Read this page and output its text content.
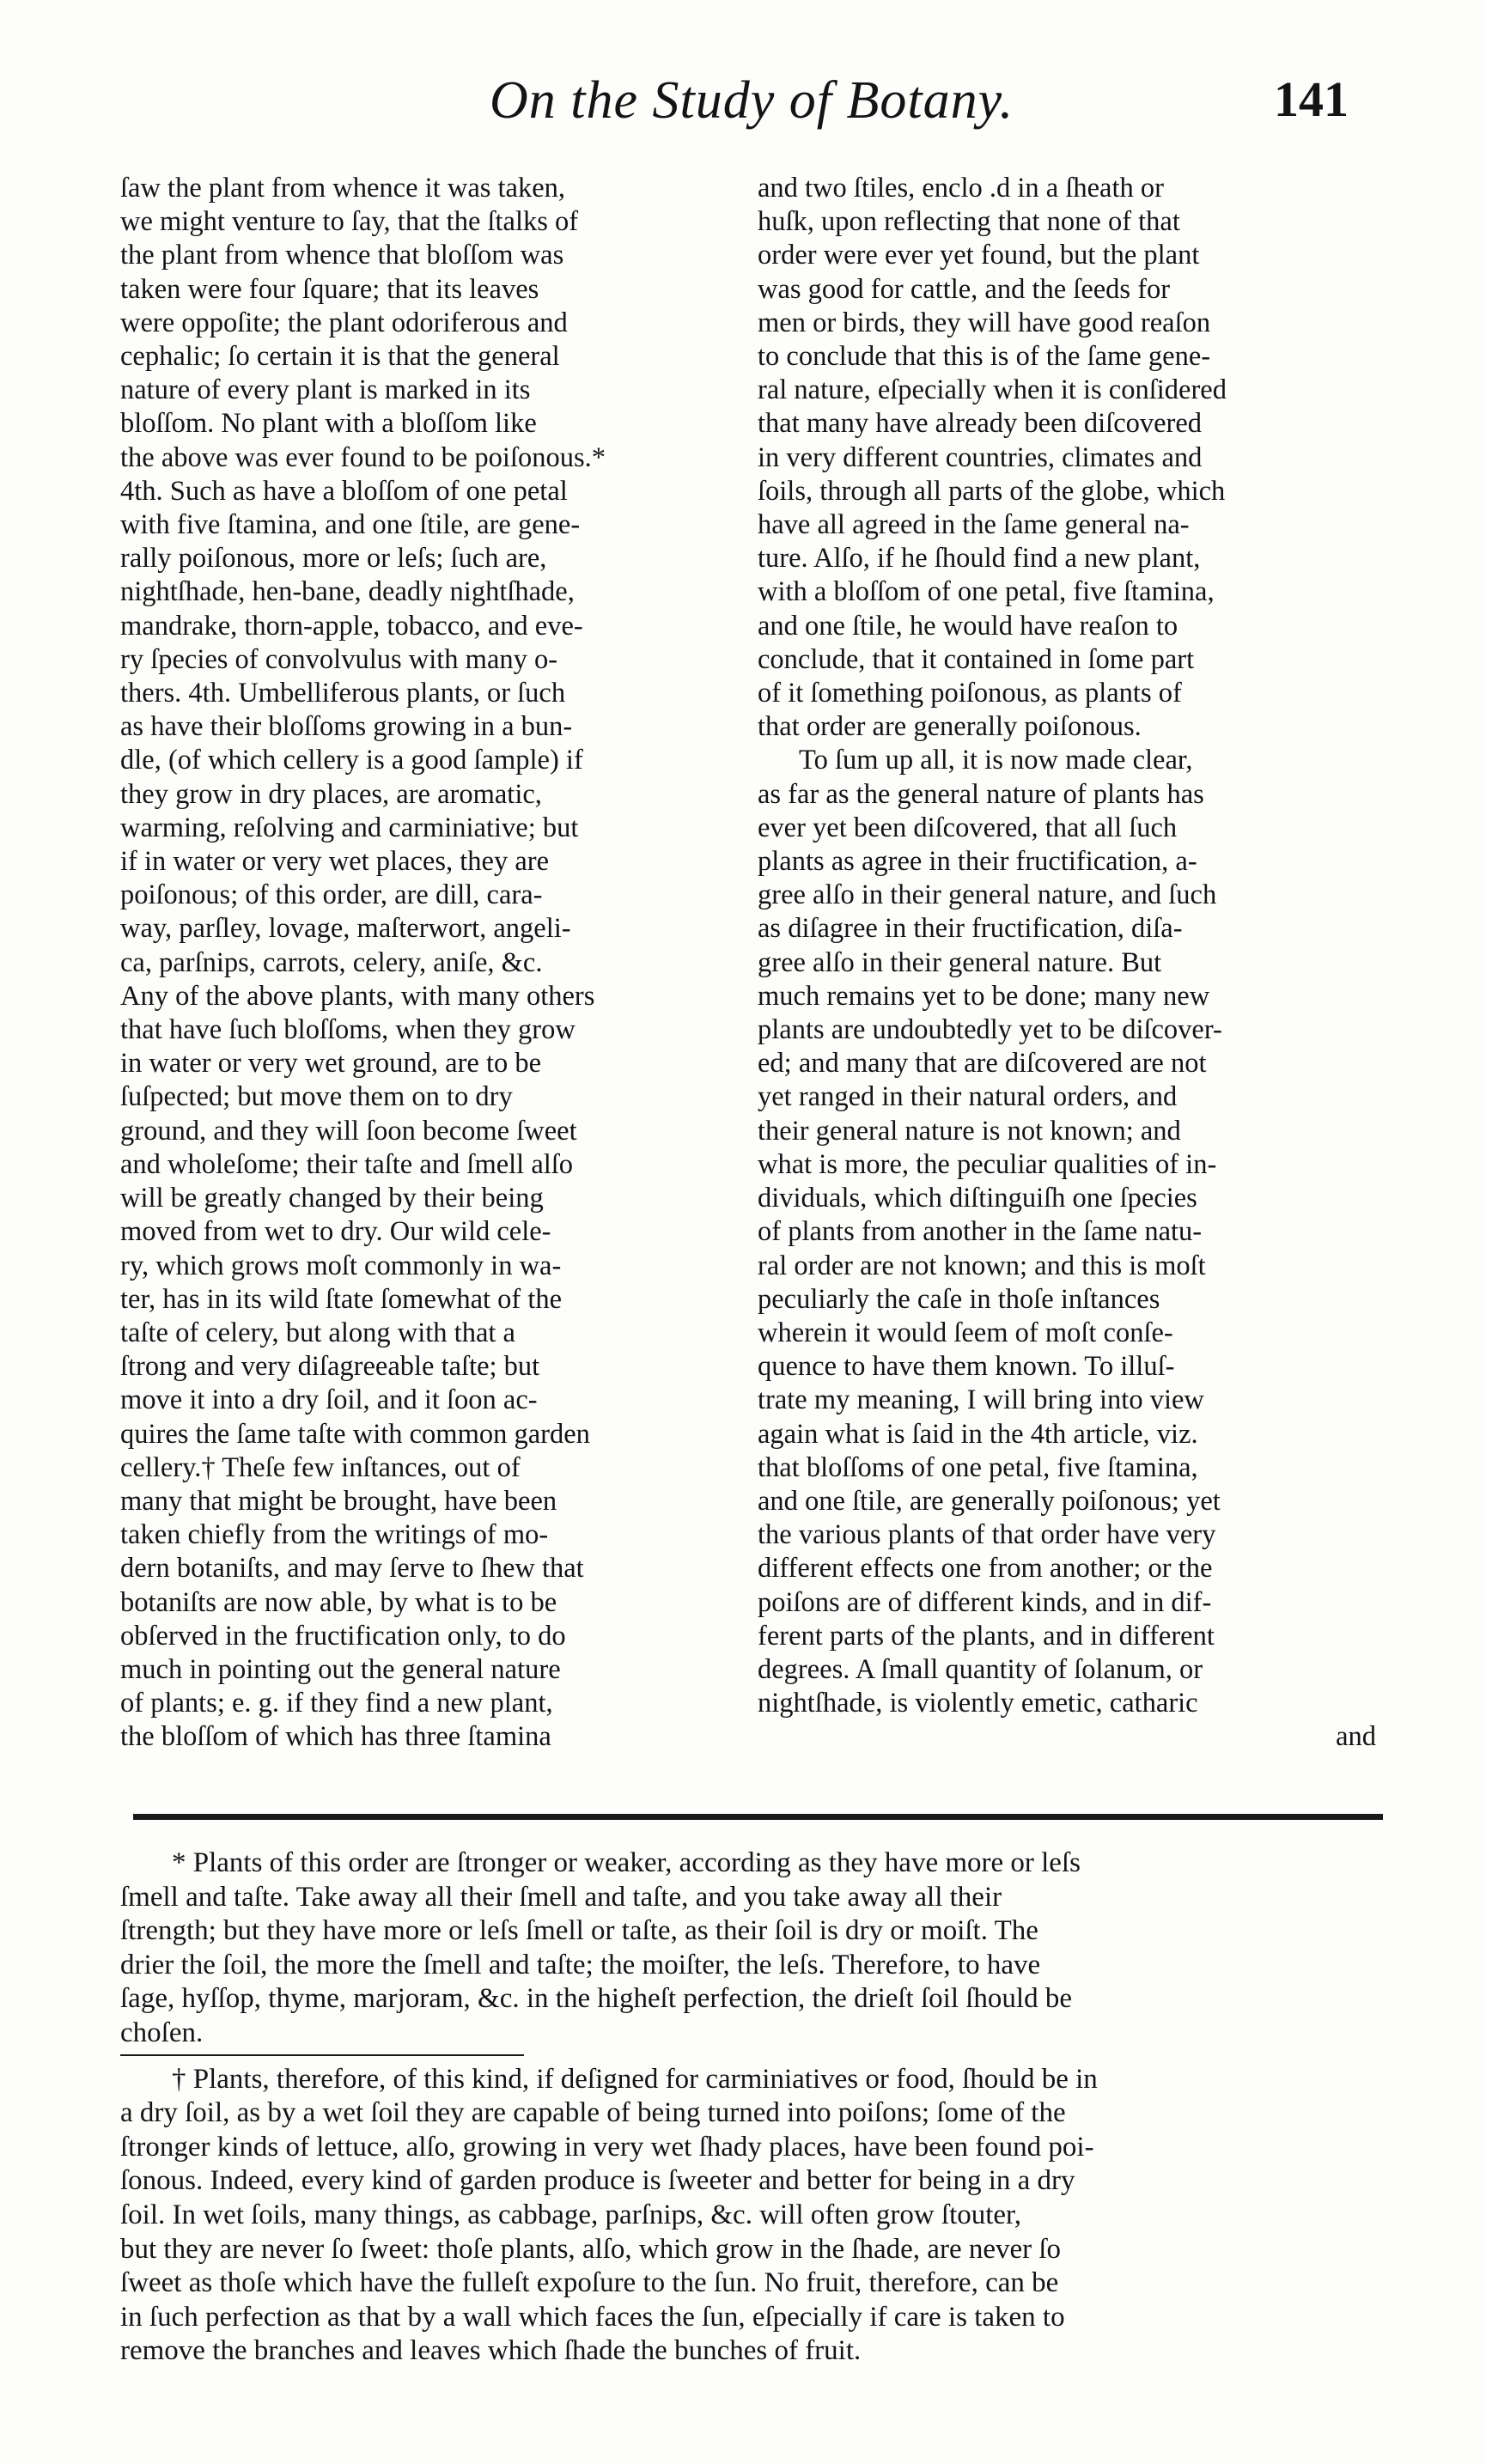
On the Study of Botany.	141
ſaw the plant from whence it was taken,
we might venture to ſay, that the ſtalks of
the plant from whence that bloſſom was
taken were four ſquare; that its leaves
were oppoſite; the plant odoriferous and
cephalic; ſo certain it is that the general
nature of every plant is marked in its
bloſſom. No plant with a bloſſom like
the above was ever found to be poiſonous.*
4th. Such as have a bloſſom of one petal
with five ſtamina, and one ſtile, are gene-
rally poiſonous, more or leſs; ſuch are,
nightſhade, hen-bane, deadly nightſhade,
mandrake, thorn-apple, tobacco, and eve-
ry ſpecies of convolvulus with many o-
thers. 4th. Umbelliferous plants, or ſuch
as have their bloſſoms growing in a bun-
dle, (of which cellery is a good ſample) if
they grow in dry places, are aromatic,
warming, reſolving and carminiative; but
if in water or very wet places, they are
poiſonous; of this order, are dill, cara-
way, parſley, lovage, maſterwort, angeli-
ca, parſnips, carrots, celery, aniſe, &c.
Any of the above plants, with many others
that have ſuch bloſſoms, when they grow
in water or very wet ground, are to be
ſuſpected; but move them on to dry
ground, and they will ſoon become ſweet
and wholeſome; their taſte and ſmell alſo
will be greatly changed by their being
moved from wet to dry. Our wild cele-
ry, which grows moſt commonly in wa-
ter, has in its wild ſtate ſomewhat of the
taſte of celery, but along with that a
ſtrong and very diſagreeable taſte; but
move it into a dry ſoil, and it ſoon ac-
quires the ſame taſte with common garden
cellery.† Theſe few inſtances, out of
many that might be brought, have been
taken chiefly from the writings of mo-
dern botaniſts, and may ſerve to ſhew that
botaniſts are now able, by what is to be
obſerved in the fructification only, to do
much in pointing out the general nature
of plants; e. g. if they find a new plant,
the bloſſom of which has three ſtamina
and two ſtiles, enclo .d in a ſheath or
huſk, upon reflecting that none of that
order were ever yet found, but the plant
was good for cattle, and the ſeeds for
men or birds, they will have good reaſon
to conclude that this is of the ſame gene-
ral nature, eſpecially when it is conſidered
that many have already been diſcovered
in very different countries, climates and
ſoils, through all parts of the globe, which
have all agreed in the ſame general na-
ture. Alſo, if he ſhould find a new plant,
with a bloſſom of one petal, five ſtamina,
and one ſtile, he would have reaſon to
conclude, that it contained in ſome part
of it ſomething poiſonous, as plants of
that order are generally poiſonous.
To ſum up all, it is now made clear,
as far as the general nature of plants has
ever yet been diſcovered, that all ſuch
plants as agree in their fructification, a-
gree alſo in their general nature, and ſuch
as diſagree in their fructification, diſa-
gree alſo in their general nature. But
much remains yet to be done; many new
plants are undoubtedly yet to be diſcover-
ed; and many that are diſcovered are not
yet ranged in their natural orders, and
their general nature is not known; and
what is more, the peculiar qualities of in-
dividuals, which diſtinguiſh one ſpecies
of plants from another in the ſame natu-
ral order are not known; and this is moſt
peculiarly the caſe in thoſe inſtances
wherein it would ſeem of moſt conſe-
quence to have them known. To illuſ-
trate my meaning, I will bring into view
again what is ſaid in the 4th article, viz.
that bloſſoms of one petal, five ſtamina,
and one ſtile, are generally poiſonous; yet
the various plants of that order have very
different effects one from another; or the
poiſons are of different kinds, and in dif-
ferent parts of the plants, and in different
degrees. A ſmall quantity of ſolanum, or
nightſhade, is violently emetic, catharic
and
* Plants of this order are ſtronger or weaker, according as they have more or leſs
ſmell and taſte. Take away all their ſmell and taſte, and you take away all their
ſtrength; but they have more or leſs ſmell or taſte, as their ſoil is dry or moiſt. The
drier the ſoil, the more the ſmell and taſte; the moiſter, the leſs. Therefore, to have
ſage, hyſſop, thyme, marjoram, &c. in the higheſt perfection, the drieſt ſoil ſhould be
choſen.
† Plants, therefore, of this kind, if deſigned for carminiatives or food, ſhould be in
a dry ſoil, as by a wet ſoil they are capable of being turned into poiſons; ſome of the
ſtronger kinds of lettuce, alſo, growing in very wet ſhady places, have been found poi-
ſonous. Indeed, every kind of garden produce is ſweeter and better for being in a dry
ſoil. In wet ſoils, many things, as cabbage, parſnips, &c. will often grow ſtouter,
but they are never ſo ſweet: thoſe plants, alſo, which grow in the ſhade, are never ſo
ſweet as thoſe which have the fulleſt expoſure to the ſun. No fruit, therefore, can be
in ſuch perfection as that by a wall which faces the ſun, eſpecially if care is taken to
remove the branches and leaves which ſhade the bunches of fruit.
